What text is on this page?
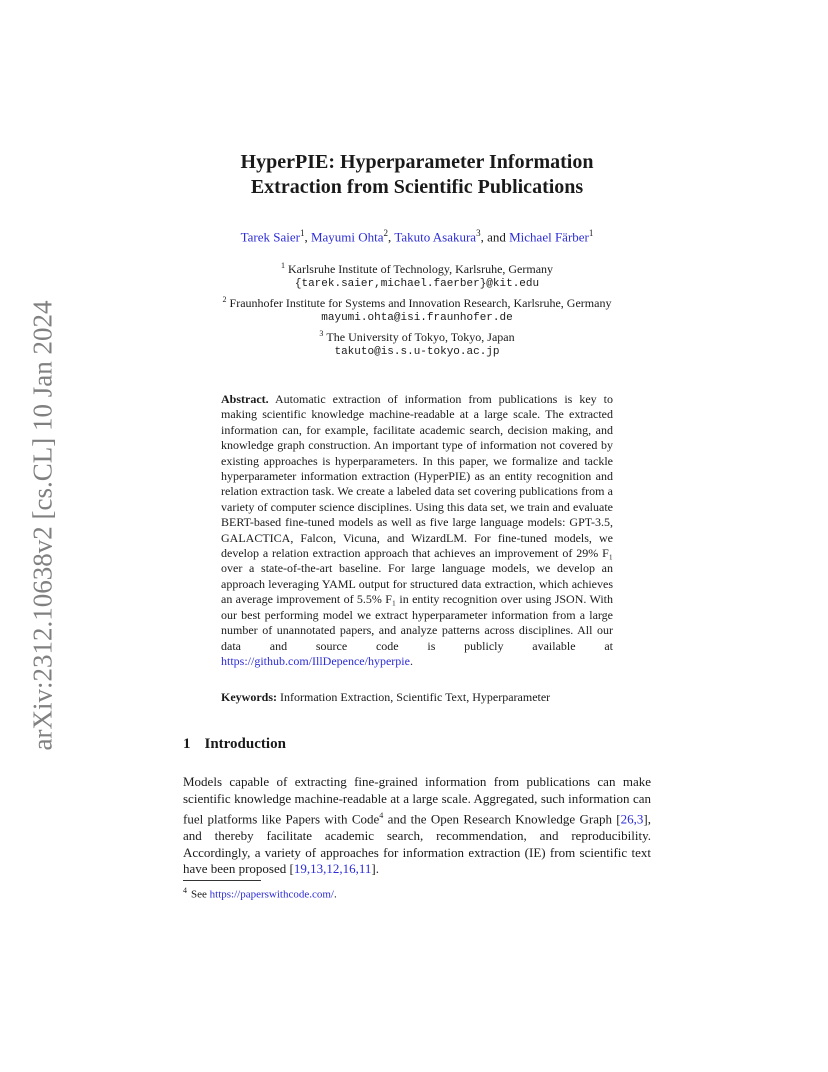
arXiv:2312.10638v2 [cs.CL] 10 Jan 2024
HyperPIE: Hyperparameter Information
Extraction from Scientific Publications
Tarek Saier$^1$, Mayumi Ohta$^2$, Takuto Asakura$^3$, and Michael Färber$^1$
$^1$ Karlsruhe Institute of Technology, Karlsruhe, Germany
{tarek.saier,michael.faerber}@kit.edu
$^2$ Fraunhofer Institute for Systems and Innovation Research, Karlsruhe, Germany
mayumi.ohta@isi.fraunhofer.de
$^3$ The University of Tokyo, Tokyo, Japan
takuto@is.s.u-tokyo.ac.jp
Abstract. Automatic extraction of information from publications is key to making scientific knowledge machine-readable at a large scale. The extracted information can, for example, facilitate academic search, decision making, and knowledge graph construction. An important type of information not covered by existing approaches is hyperparameters. In this paper, we formalize and tackle hyperparameter information extraction (HyperPIE) as an entity recognition and relation extraction task. We create a labeled data set covering publications from a variety of computer science disciplines. Using this data set, we train and evaluate BERT-based fine-tuned models as well as five large language models: GPT-3.5, GALACTICA, Falcon, Vicuna, and WizardLM. For fine-tuned models, we develop a relation extraction approach that achieves an improvement of 29% F₁ over a state-of-the-art baseline. For large language models, we develop an approach leveraging YAML output for structured data extraction, which achieves an average improvement of 5.5% F₁ in entity recognition over using JSON. With our best performing model we extract hyperparameter information from a large number of unannotated papers, and analyze patterns across disciplines. All our data and source code is publicly available at https://github.com/IllDepence/hyperpie.
Keywords: Information Extraction, Scientific Text, Hyperparameter
1 Introduction
Models capable of extracting fine-grained information from publications can make scientific knowledge machine-readable at a large scale. Aggregated, such information can fuel platforms like Papers with Code$^4$ and the Open Research Knowledge Graph [26,3], and thereby facilitate academic search, recommendation, and reproducibility. Accordingly, a variety of approaches for information extraction (IE) from scientific text have been proposed [19,13,12,16,11].
$^4$ See https://paperswithcode.com/.
